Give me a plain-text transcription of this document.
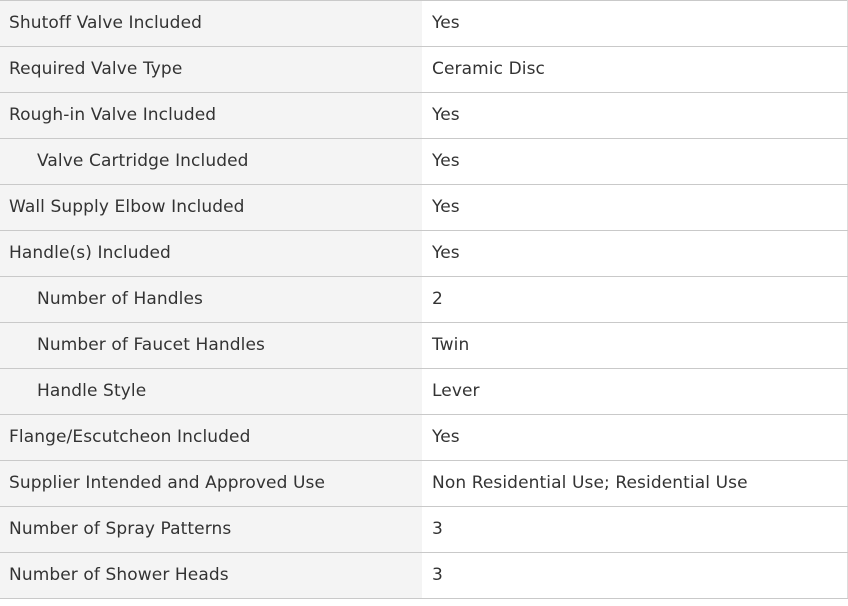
Shutoff Valve Included	Yes
Required Valve Type	Ceramic Disc
Rough-in Valve Included	Yes
Valve Cartridge Included	Yes
Wall Supply Elbow Included	Yes
Handle(s) Included	Yes
Number of Handles	2
Number of Faucet Handles	Twin
Handle Style	Lever
Flange/Escutcheon Included	Yes
Supplier Intended and Approved Use	Non Residential Use; Residential Use
Number of Spray Patterns	3
Number of Shower Heads	3
